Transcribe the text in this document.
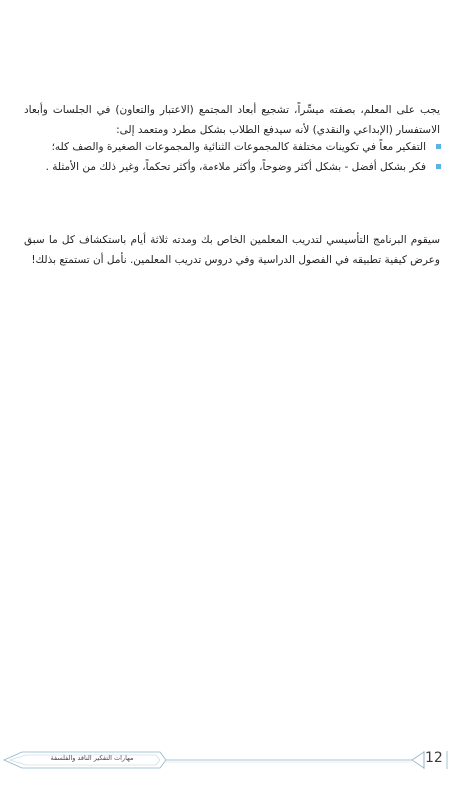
يجب على المعلم، بصفته ميسِّراً، تشجيع أبعاد المجتمع (الاعتبار والتعاون) في الجلسات وأبعاد الاستفسار (الإبداعي والنقدي) لأنه سيدفع الطلاب بشكل مطرد ومتعمد إلى:

التفكير معاً في تكوينات مختلفة كالمجموعات الثنائية والمجموعات الصغيرة والصف كله؛
فكر بشكل أفضل - بشكل أكثر وضوحاً، وأكثر ملاءمة، وأكثر تحكماً، وغير ذلك من الأمثلة .

سيقوم البرنامج التأسيسي لتدريب المعلمين الخاص بك ومدته ثلاثة أيام باستكشاف كل ما سبق وعرض كيفية تطبيقه في الفصول الدراسية وفي دروس تدريب المعلمين. نأمل أن تستمتع بذلك!

مهارات التفكير الناقد والفلسفة	12
